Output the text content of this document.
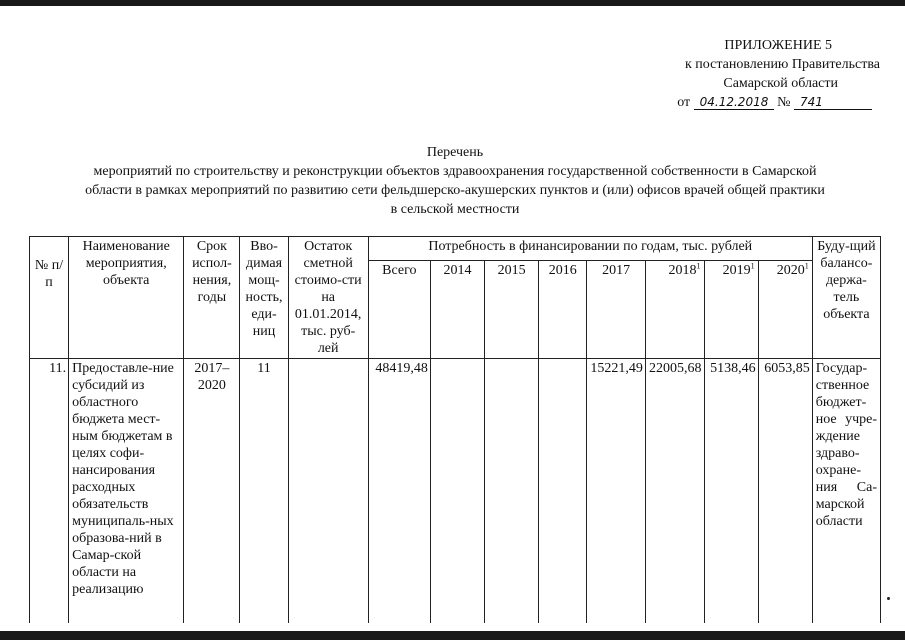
ПРИЛОЖЕНИЕ 5
к постановлению Правительства
Самарской области
от 04.12.2018 № 741
Перечень
мероприятий по строительству и реконструкции объектов здравоохранения государственной собственности в Самарской
области в рамках мероприятий по развитию сети фельдшерско-акушерских пунктов и (или) офисов врачей общей практики
в сельской местности
№ п/п	Наименование мероприятия, объекта	Срок испол-нения, годы	Вво-димая мощ-ность, еди-ниц	Остаток сметной стоимо-сти на 01.01.2014, тыс. руб-лей	Потребность в финансировании по годам, тыс. рублей								Буду-щий балансо-держа-тель объекта
					Всего	2014	2015	2016	2017	2018$^1$	2019$^1$	2020$^1$
11.	Предоставле-ние субсидий из областного бюджета мест-ным бюджетам в целях софи-нансирования расходных обязательств муниципаль-ных образова-ний в Самар-ской области на реализацию	2017–2020	11		48419,48				15221,49	22005,68	5138,46	6053,85	Государ-ственное бюджет-ное учре-ждение здраво-охране-ния Са-марской области
